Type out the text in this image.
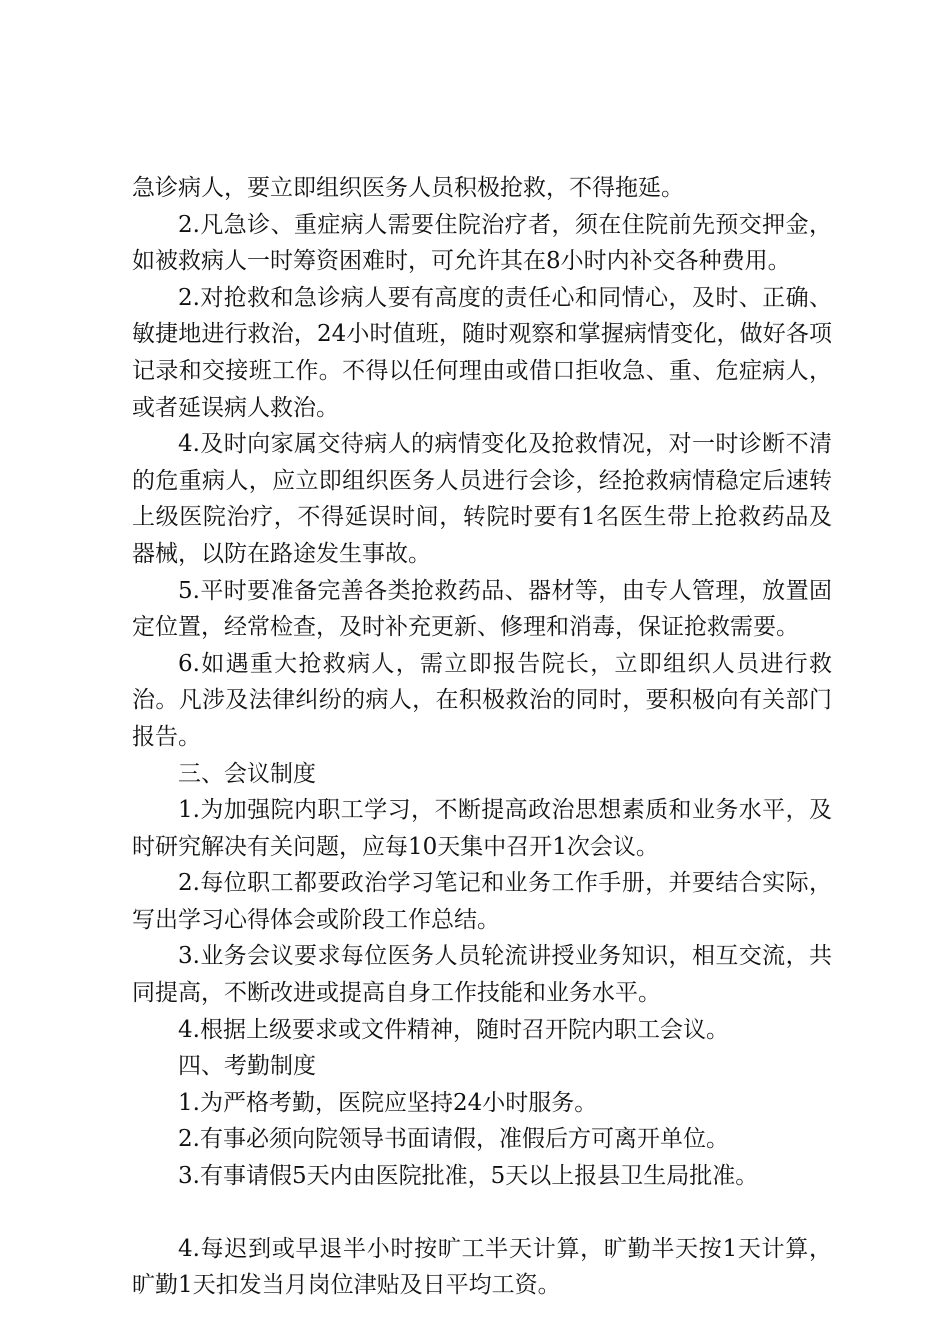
急诊病人，要立即组织医务人员积极抢救，不得拖延。

2.凡急诊、重症病人需要住院治疗者，须在住院前先预交押金，如被救病人一时筹资困难时，可允许其在8小时内补交各种费用。

2.对抢救和急诊病人要有高度的责任心和同情心，及时、正确、敏捷地进行救治，24小时值班，随时观察和掌握病情变化，做好各项记录和交接班工作。不得以任何理由或借口拒收急、重、危症病人，或者延误病人救治。

4.及时向家属交待病人的病情变化及抢救情况，对一时诊断不清的危重病人，应立即组织医务人员进行会诊，经抢救病情稳定后速转上级医院治疗，不得延误时间，转院时要有1名医生带上抢救药品及器械，以防在路途发生事故。

5.平时要准备完善各类抢救药品、器材等，由专人管理，放置固定位置，经常检查，及时补充更新、修理和消毒，保证抢救需要。

6.如遇重大抢救病人，需立即报告院长，立即组织人员进行救治。凡涉及法律纠纷的病人，在积极救治的同时，要积极向有关部门报告。

三、会议制度

1.为加强院内职工学习，不断提高政治思想素质和业务水平，及时研究解决有关问题，应每10天集中召开1次会议。

2.每位职工都要政治学习笔记和业务工作手册，并要结合实际，写出学习心得体会或阶段工作总结。

3.业务会议要求每位医务人员轮流讲授业务知识，相互交流，共同提高，不断改进或提高自身工作技能和业务水平。

4.根据上级要求或文件精神，随时召开院内职工会议。

四、考勤制度

1.为严格考勤，医院应坚持24小时服务。

2.有事必须向院领导书面请假，准假后方可离开单位。

3.有事请假5天内由医院批准，5天以上报县卫生局批准。

4.每迟到或早退半小时按旷工半天计算，旷勤半天按1天计算，旷勤1天扣发当月岗位津贴及日平均工资。
